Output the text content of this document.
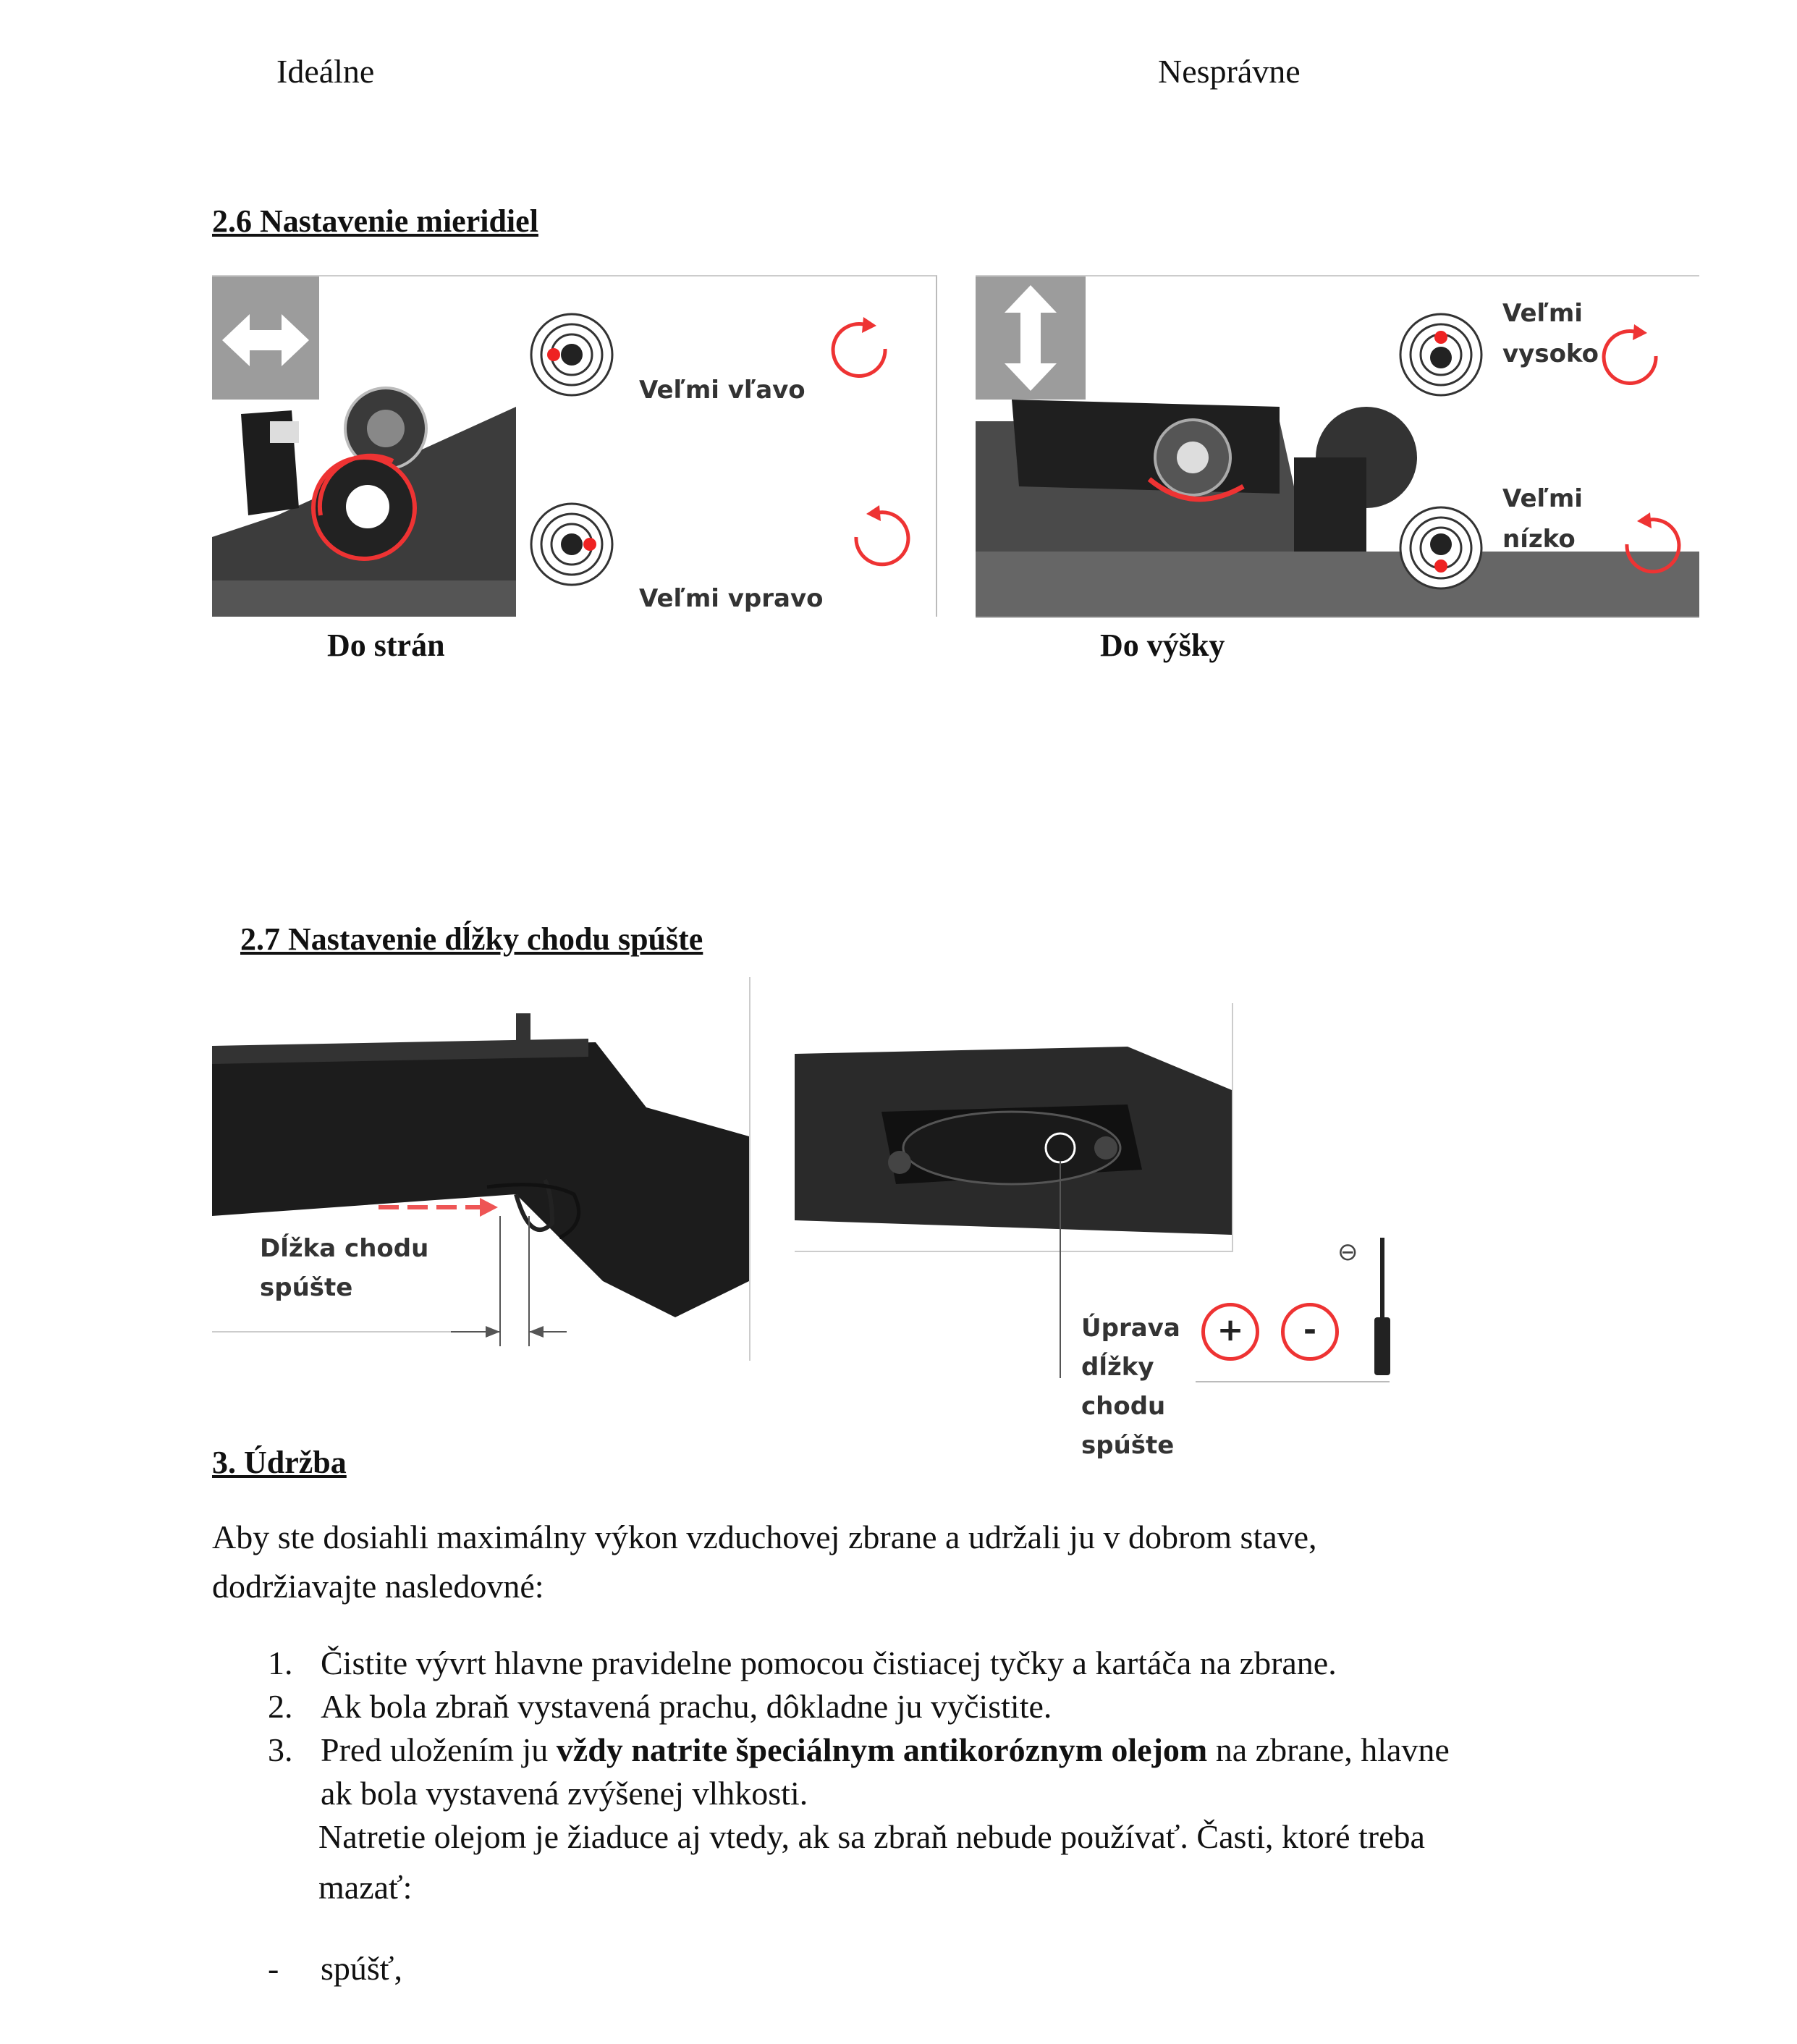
Ideálne	Nesprávne
2.6 Nastavenie mieridiel
Veľmi vľavo
Veľmi vpravo
Do strán
Veľmi
vysoko
Veľmi
nízko
Do výšky
2.7 Nastavenie dĺžky chodu spúšte
Dĺžka chodu
spúšte
Úprava
dĺžky
chodu
spúšte
+	-
⊖
3. Údržba
Aby ste dosiahli maximálny výkon vzduchovej zbrane a udržali ju v dobrom stave,
dodržiavajte nasledovné:
1. Čistite vývrt hlavne pravidelne pomocou čistiacej tyčky a kartáča na zbrane.
2. Ak bola zbraň vystavená prachu, dôkladne ju vyčistite.
3. Pred uložením ju vždy natrite špeciálnym antikoróznym olejom na zbrane, hlavne
ak bola vystavená zvýšenej vlhkosti.
Natretie olejom je žiaduce aj vtedy, ak sa zbraň nebude používať. Časti, ktoré treba
mazať:
- spúšť,
